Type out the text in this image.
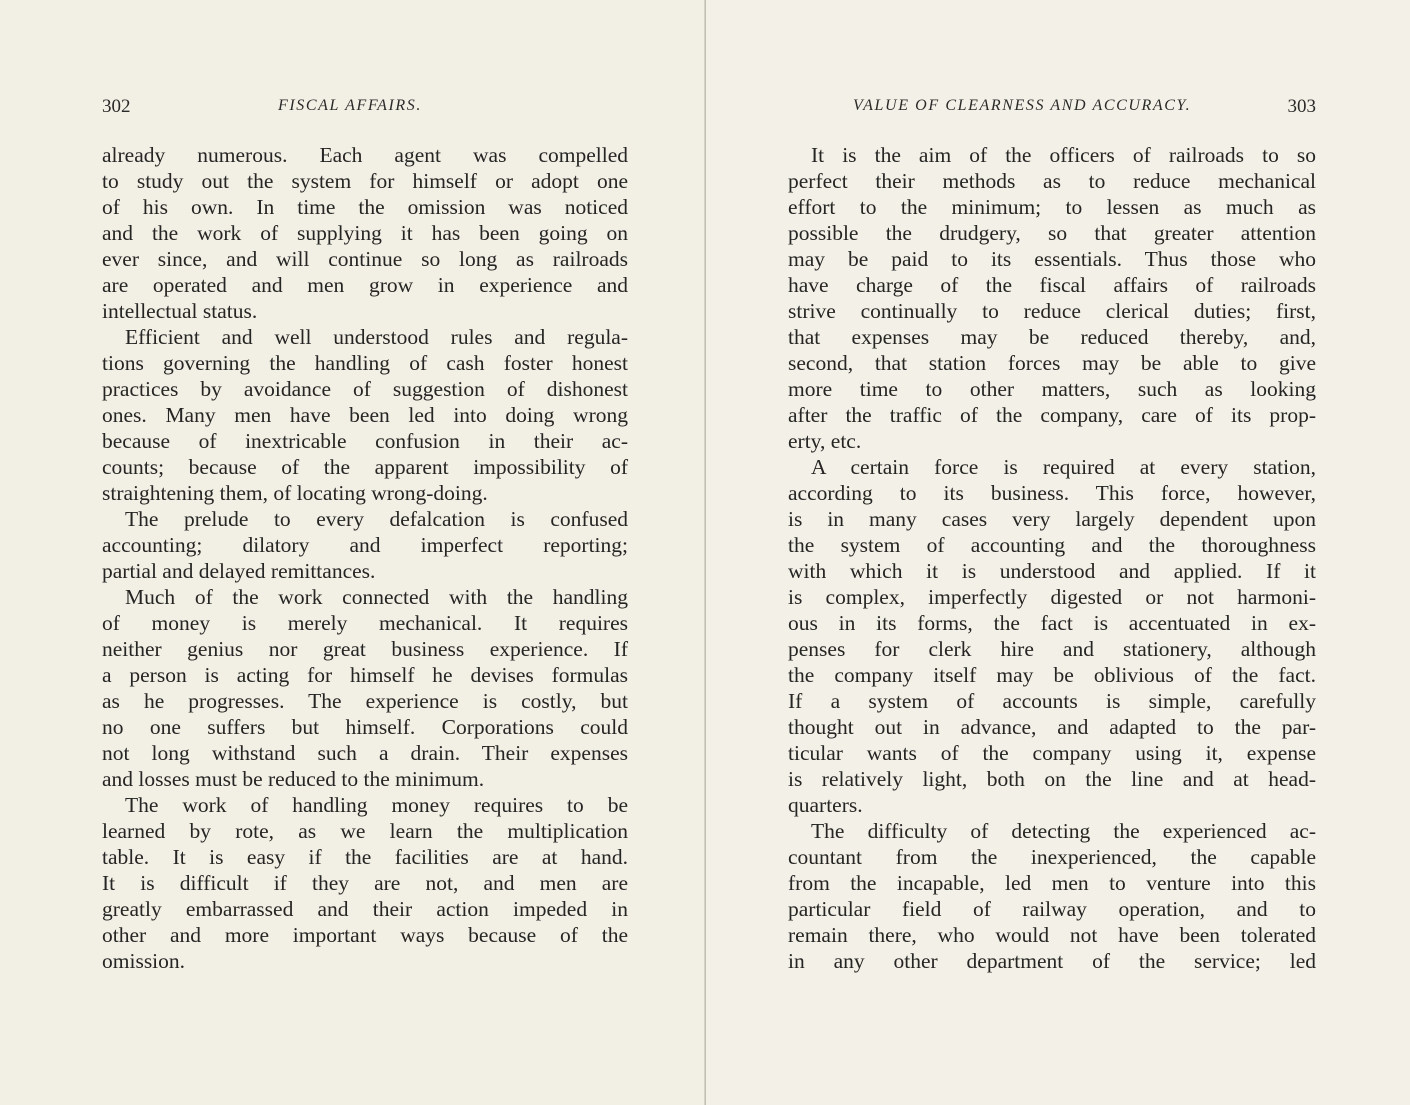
302	FISCAL AFFAIRS.
already numerous. Each agent was compelled
to study out the system for himself or adopt one
of his own. In time the omission was noticed
and the work of supplying it has been going on
ever since, and will continue so long as railroads
are operated and men grow in experience and
intellectual status.
Efficient and well understood rules and regula-
tions governing the handling of cash foster honest
practices by avoidance of suggestion of dishonest
ones. Many men have been led into doing wrong
because of inextricable confusion in their ac-
counts; because of the apparent impossibility of
straightening them, of locating wrong-doing.
The prelude to every defalcation is confused
accounting; dilatory and imperfect reporting;
partial and delayed remittances.
Much of the work connected with the handling
of money is merely mechanical. It requires
neither genius nor great business experience. If
a person is acting for himself he devises formulas
as he progresses. The experience is costly, but
no one suffers but himself. Corporations could
not long withstand such a drain. Their expenses
and losses must be reduced to the minimum.
The work of handling money requires to be
learned by rote, as we learn the multiplication
table. It is easy if the facilities are at hand.
It is difficult if they are not, and men are
greatly embarrassed and their action impeded in
other and more important ways because of the
omission.
VALUE OF CLEARNESS AND ACCURACY.	303
It is the aim of the officers of railroads to so
perfect their methods as to reduce mechanical
effort to the minimum; to lessen as much as
possible the drudgery, so that greater attention
may be paid to its essentials. Thus those who
have charge of the fiscal affairs of railroads
strive continually to reduce clerical duties; first,
that expenses may be reduced thereby, and,
second, that station forces may be able to give
more time to other matters, such as looking
after the traffic of the company, care of its prop-
erty, etc.
A certain force is required at every station,
according to its business. This force, however,
is in many cases very largely dependent upon
the system of accounting and the thoroughness
with which it is understood and applied. If it
is complex, imperfectly digested or not harmoni-
ous in its forms, the fact is accentuated in ex-
penses for clerk hire and stationery, although
the company itself may be oblivious of the fact.
If a system of accounts is simple, carefully
thought out in advance, and adapted to the par-
ticular wants of the company using it, expense
is relatively light, both on the line and at head-
quarters.
The difficulty of detecting the experienced ac-
countant from the inexperienced, the capable
from the incapable, led men to venture into this
particular field of railway operation, and to
remain there, who would not have been tolerated
in any other department of the service; led
